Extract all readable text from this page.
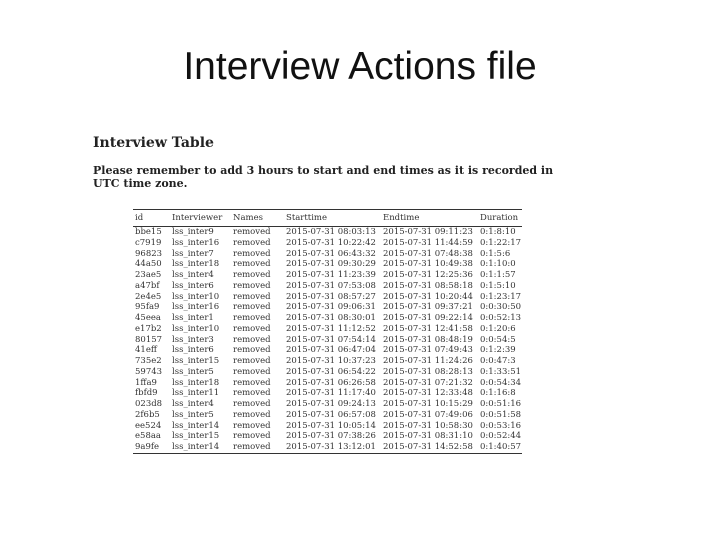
Interview Actions file
Interview Table
Please remember to add 3 hours to start and end times as it is recorded in UTC time zone.
id	Interviewer	Names	Starttime	Endtime	Duration
bbe15	lss_inter9	removed	2015-07-31 08:03:13	2015-07-31 09:11:23	0:1:8:10
c7919	lss_inter16	removed	2015-07-31 10:22:42	2015-07-31 11:44:59	0:1:22:17
96823	lss_inter7	removed	2015-07-31 06:43:32	2015-07-31 07:48:38	0:1:5:6
44a50	lss_inter18	removed	2015-07-31 09:30:29	2015-07-31 10:49:38	0:1:10:0
23ae5	lss_inter4	removed	2015-07-31 11:23:39	2015-07-31 12:25:36	0:1:1:57
a47bf	lss_inter6	removed	2015-07-31 07:53:08	2015-07-31 08:58:18	0:1:5:10
2e4e5	lss_inter10	removed	2015-07-31 08:57:27	2015-07-31 10:20:44	0:1:23:17
95fa9	lss_inter16	removed	2015-07-31 09:06:31	2015-07-31 09:37:21	0:0:30:50
45eea	lss_inter1	removed	2015-07-31 08:30:01	2015-07-31 09:22:14	0:0:52:13
e17b2	lss_inter10	removed	2015-07-31 11:12:52	2015-07-31 12:41:58	0:1:20:6
80157	lss_inter3	removed	2015-07-31 07:54:14	2015-07-31 08:48:19	0:0:54:5
41eff	lss_inter6	removed	2015-07-31 06:47:04	2015-07-31 07:49:43	0:1:2:39
735e2	lss_inter15	removed	2015-07-31 10:37:23	2015-07-31 11:24:26	0:0:47:3
59743	lss_inter5	removed	2015-07-31 06:54:22	2015-07-31 08:28:13	0:1:33:51
1ffa9	lss_inter18	removed	2015-07-31 06:26:58	2015-07-31 07:21:32	0:0:54:34
fbfd9	lss_inter11	removed	2015-07-31 11:17:40	2015-07-31 12:33:48	0:1:16:8
023d8	lss_inter4	removed	2015-07-31 09:24:13	2015-07-31 10:15:29	0:0:51:16
2f6b5	lss_inter5	removed	2015-07-31 06:57:08	2015-07-31 07:49:06	0:0:51:58
ee524	lss_inter14	removed	2015-07-31 10:05:14	2015-07-31 10:58:30	0:0:53:16
e58aa	lss_inter15	removed	2015-07-31 07:38:26	2015-07-31 08:31:10	0:0:52:44
9a9fe	lss_inter14	removed	2015-07-31 13:12:01	2015-07-31 14:52:58	0:1:40:57
